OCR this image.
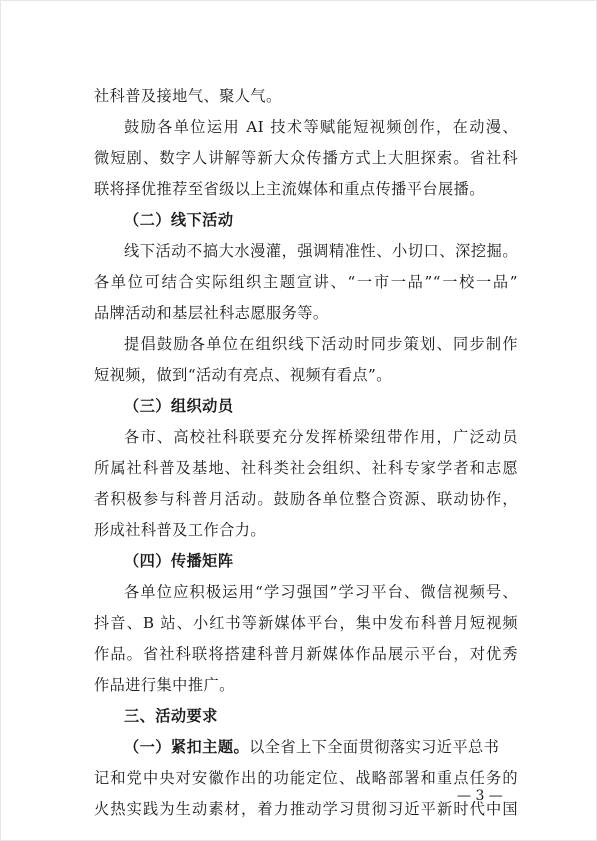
社科普及接地气、聚人气。
鼓励各单位运用 AI 技术等赋能短视频创作，在动漫、
微短剧、数字人讲解等新大众传播方式上大胆探索。省社科
联将择优推荐至省级以上主流媒体和重点传播平台展播。
（二）线下活动
线下活动不搞大水漫灌，强调精准性、小切口、深挖掘。
各单位可结合实际组织主题宣讲、“一市一品”“一校一品”
品牌活动和基层社科志愿服务等。
提倡鼓励各单位在组织线下活动时同步策划、同步制作
短视频，做到“活动有亮点、视频有看点”。
（三）组织动员
各市、高校社科联要充分发挥桥梁纽带作用，广泛动员
所属社科普及基地、社科类社会组织、社科专家学者和志愿
者积极参与科普月活动。鼓励各单位整合资源、联动协作，
形成社科普及工作合力。
（四）传播矩阵
各单位应积极运用“学习强国”学习平台、微信视频号、
抖音、B 站、小红书等新媒体平台，集中发布科普月短视频
作品。省社科联将搭建科普月新媒体作品展示平台，对优秀
作品进行集中推广。
三、活动要求
（一）紧扣主题。以全省上下全面贯彻落实习近平总书
记和党中央对安徽作出的功能定位、战略部署和重点任务的
火热实践为生动素材，着力推动学习贯彻习近平新时代中国
— 3 —
